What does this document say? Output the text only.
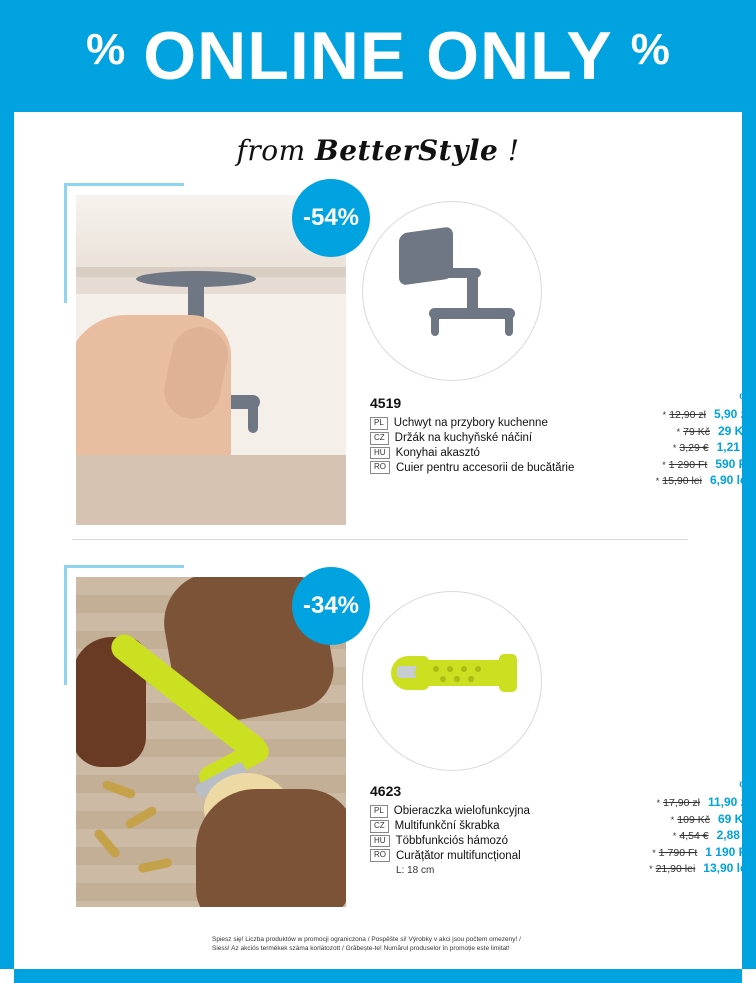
% ONLINE ONLY %
from BetterStyle !
-54%
4519
PL Uchwyt na przybory kuchenne
CZ Držák na kuchyňské náčiní
HU Konyhai akasztó
RO Cuier pentru accesorii de bucătărie
%
* 12,90 zł 5,90 zł
* 79 Kč 29 Kč
* 3,29 € 1,21 €
* 1 290 Ft 590 Ft
* 15,90 lei 6,90 lei
-34%
4623
PL Obieraczka wielofunkcyjna
CZ Multifunkční škrabka
HU Többfunkciós hámozó
RO Curățător multifuncțional
L: 18 cm
%
* 17,90 zł 11,90 zł
* 109 Kč 69 Kč
* 4,54 € 2,88 €
* 1 790 Ft 1 190 Ft
* 21,90 lei 13,90 lei
Spiesz się! Liczba produktów w promocji ograniczona / Pospěšte si! Výrobky v akci jsou počtem omezeny! /
Siess! Az akciós termékek száma korlátozott / Grăbește-te! Numărul produselor în promoție este limitat!
